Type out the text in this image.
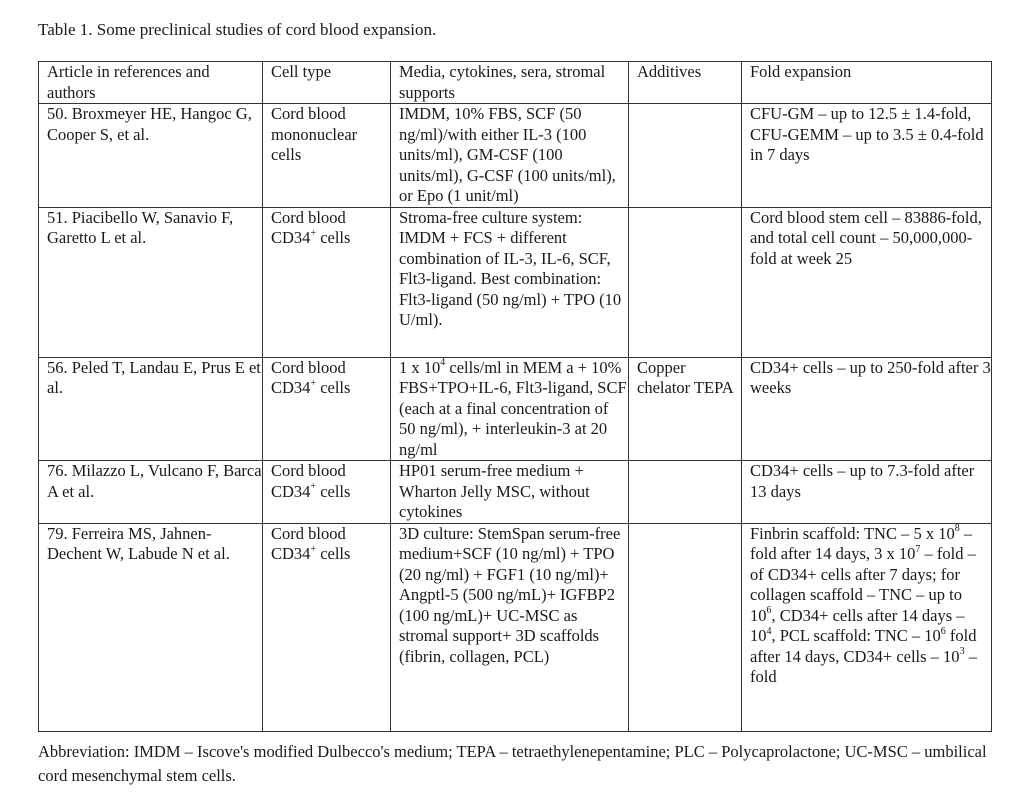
Table 1. Some preclinical studies of cord blood expansion.
Article in references and authors	Cell type	Media, cytokines, sera, stromal supports	Additives	Fold expansion
50. Broxmeyer HE, Hangoc G, Cooper S, et al.	Cord blood mononuclear cells	IMDM, 10% FBS, SCF (50 ng/ml)/with either IL-3 (100 units/ml), GM-CSF (100 units/ml), G-CSF (100 units/ml), or Epo (1 unit/ml)		CFU-GM – up to 12.5 ± 1.4-fold, CFU-GEMM – up to 3.5 ± 0.4-fold in 7 days
51. Piacibello W, Sanavio F, Garetto L et al.	Cord blood CD34+ cells	Stroma-free culture system: IMDM + FCS + different combination of IL-3, IL-6, SCF, Flt3-ligand. Best combination: Flt3-ligand (50 ng/ml) + TPO (10 U/ml).		Cord blood stem cell – 83886-fold, and total cell count – 50,000,000-fold at week 25
56. Peled T, Landau E, Prus E et al.	Cord blood CD34+ cells	1 x $10^4$ cells/ml in MEM a + 10% FBS+TPO+IL-6, Flt3-ligand, SCF (each at a final concentration of 50 ng/ml), + interleukin-3 at 20 ng/ml	Copper chelator TEPA	CD34+ cells – up to 250-fold after 3 weeks
76. Milazzo L, Vulcano F, Barca A et al.	Cord blood CD34+ cells	HP01 serum-free medium + Wharton Jelly MSC, without cytokines		CD34+ cells – up to 7.3-fold after 13 days
79. Ferreira MS, Jahnen-Dechent W, Labude N et al.	Cord blood CD34+ cells	3D culture: StemSpan serum-free medium+SCF (10 ng/ml) + TPO (20 ng/ml) + FGF1 (10 ng/ml)+ Angptl-5 (500 ng/mL)+ IGFBP2 (100 ng/mL)+ UC-MSC as stromal support+ 3D scaffolds (fibrin, collagen, PCL)		Finbrin scaffold: TNC – 5 x $10^8$ – fold after 14 days, 3 x $10^7$ – fold – of CD34+ cells after 7 days; for collagen scaffold – TNC – up to $10^6$, CD34+ cells after 14 days – $10^4$, PCL scaffold: TNC – $10^6$ fold after 14 days, CD34+ cells – $10^3$ – fold
Abbreviation: IMDM – Iscove's modified Dulbecco's medium; TEPA – tetraethylenepentamine; PLC – Polycaprolactone; UC-MSC – umbilical cord mesenchymal stem cells.
